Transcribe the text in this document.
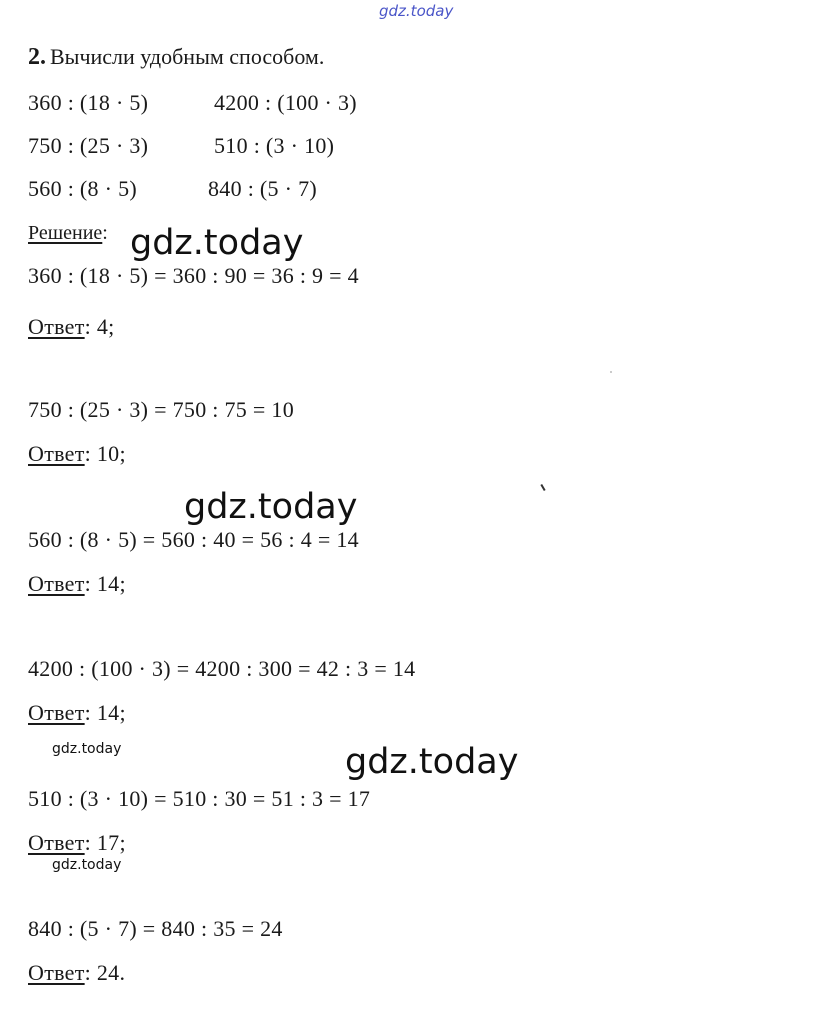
gdz.today
2. Вычисли удобным способом.
360 : (18 · 5)	4200 : (100 · 3)
750 : (25 · 3)	510 : (3 · 10)
560 : (8 · 5)	840 : (5 · 7)
Решение: gdz.today
360 : (18 · 5) = 360 : 90 = 36 : 9 = 4
Ответ: 4;
750 : (25 · 3) = 750 : 75 = 10
Ответ: 10;
gdz.today
560 : (8 · 5) = 560 : 40 = 56 : 4 = 14
Ответ: 14;
4200 : (100 · 3) = 4200 : 300 = 42 : 3 = 14
Ответ: 14;
gdz.today	gdz.today
510 : (3 · 10) = 510 : 30 = 51 : 3 = 17
Ответ: 17;
gdz.today
840 : (5 · 7) = 840 : 35 = 24
Ответ: 24.
